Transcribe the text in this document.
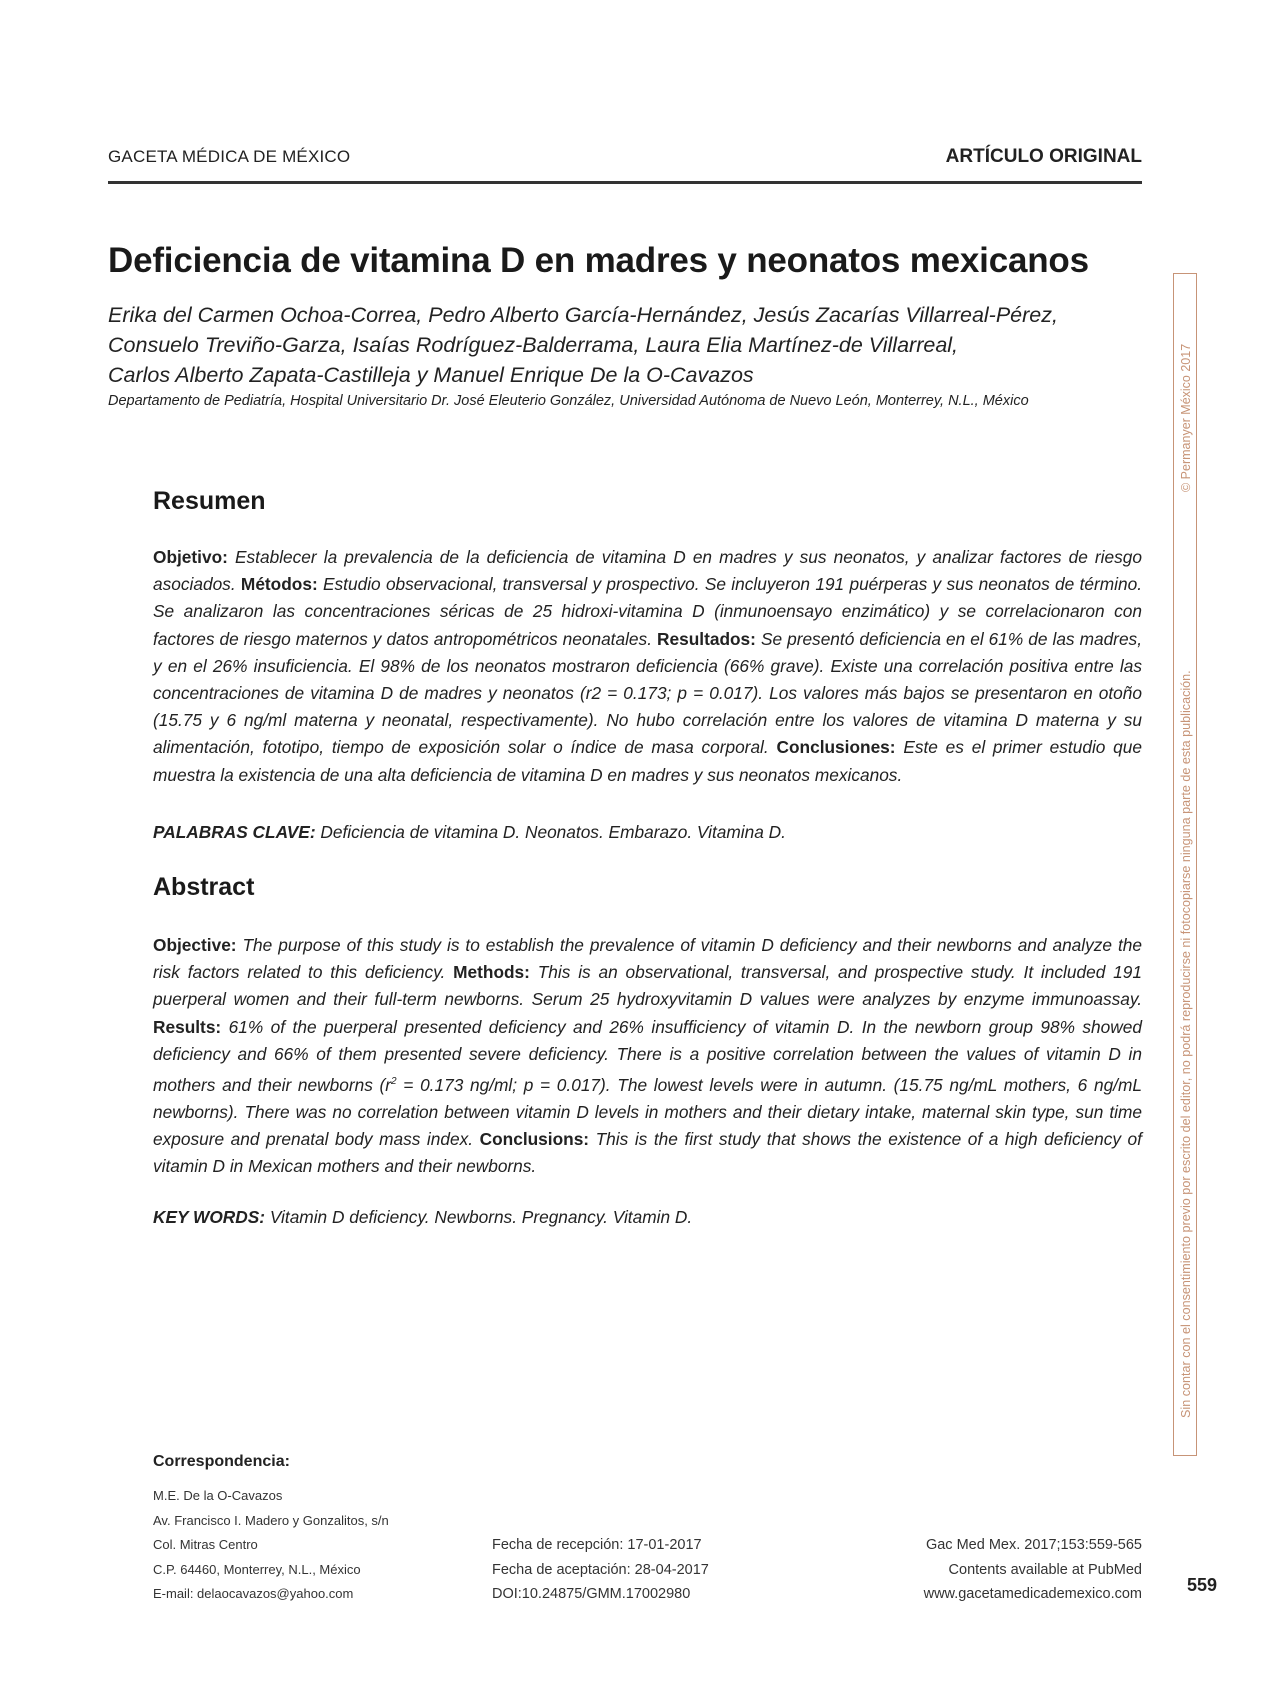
GACETA MÉDICA DE MÉXICO	ARTÍCULO ORIGINAL
Deficiencia de vitamina D en madres y neonatos mexicanos
Erika del Carmen Ochoa-Correa, Pedro Alberto García-Hernández, Jesús Zacarías Villarreal-Pérez,
Consuelo Treviño-Garza, Isaías Rodríguez-Balderrama, Laura Elia Martínez-de Villarreal,
Carlos Alberto Zapata-Castilleja y Manuel Enrique De la O-Cavazos
Departamento de Pediatría, Hospital Universitario Dr. José Eleuterio González, Universidad Autónoma de Nuevo León, Monterrey, N.L., México
Resumen
Objetivo: Establecer la prevalencia de la deficiencia de vitamina D en madres y sus neonatos, y analizar factores de riesgo asociados. Métodos: Estudio observacional, transversal y prospectivo. Se incluyeron 191 puérperas y sus neonatos de término. Se analizaron las concentraciones séricas de 25 hidroxi-vitamina D (inmunoensayo enzimático) y se correlacionaron con factores de riesgo maternos y datos antropométricos neonatales. Resultados: Se presentó deficiencia en el 61% de las madres, y en el 26% insuficiencia. El 98% de los neonatos mostraron deficiencia (66% grave). Existe una correlación positiva entre las concentraciones de vitamina D de madres y neonatos (r2 = 0.173; p = 0.017). Los valores más bajos se presentaron en otoño (15.75 y 6 ng/ml materna y neonatal, respectivamente). No hubo correlación entre los valores de vitamina D materna y su alimentación, fototipo, tiempo de exposición solar o índice de masa corporal. Conclusiones: Este es el primer estudio que muestra la existencia de una alta deficiencia de vitamina D en madres y sus neonatos mexicanos.
PALABRAS CLAVE: Deficiencia de vitamina D. Neonatos. Embarazo. Vitamina D.
Abstract
Objective: The purpose of this study is to establish the prevalence of vitamin D deficiency and their newborns and analyze the risk factors related to this deficiency. Methods: This is an observational, transversal, and prospective study. It included 191 puerperal women and their full-term newborns. Serum 25 hydroxyvitamin D values were analyzes by enzyme immunoassay. Results: 61% of the puerperal presented deficiency and 26% insufficiency of vitamin D. In the newborn group 98% showed deficiency and 66% of them presented severe deficiency. There is a positive correlation between the values of vitamin D in mothers and their newborns ($r^2 = 0.173$ ng/ml; p = 0.017). The lowest levels were in autumn. (15.75 ng/mL mothers, 6 ng/mL newborns). There was no correlation between vitamin D levels in mothers and their dietary intake, maternal skin type, sun time exposure and prenatal body mass index. Conclusions: This is the first study that shows the existence of a high deficiency of vitamin D in Mexican mothers and their newborns.
KEY WORDS: Vitamin D deficiency. Newborns. Pregnancy. Vitamin D.
© Permanyer México 2017
Sin contar con el consentimiento previo por escrito del editor, no podrá reproducirse ni fotocopiarse ninguna parte de esta publicación.
Correspondencia:
M.E. De la O-Cavazos
Av. Francisco I. Madero y Gonzalitos, s/n
Col. Mitras Centro
C.P. 64460, Monterrey, N.L., México
E-mail: delaocavazos@yahoo.com
Fecha de recepción: 17-01-2017
Fecha de aceptación: 28-04-2017
DOI:10.24875/GMM.17002980
Gac Med Mex. 2017;153:559-565
Contents available at PubMed
www.gacetamedicademexico.com 559
